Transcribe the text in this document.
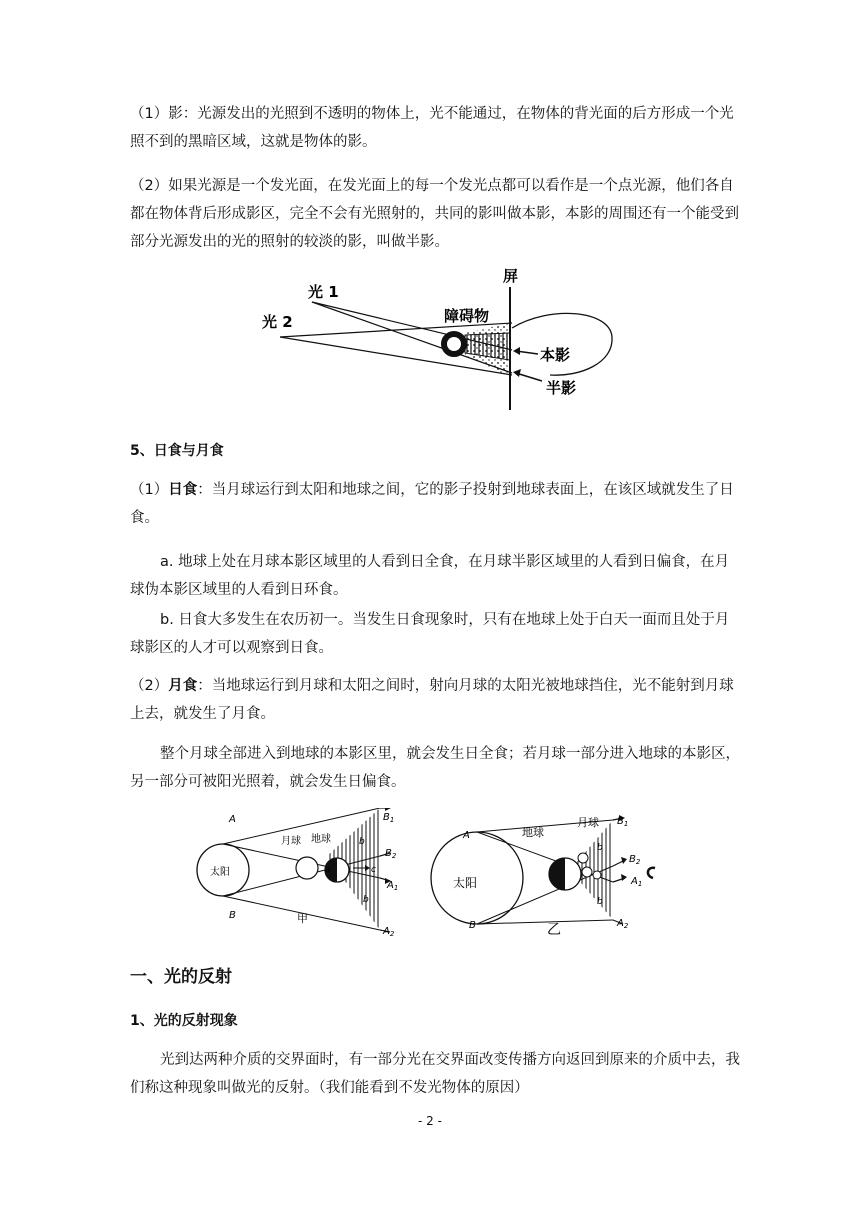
（1）影：光源发出的光照到不透明的物体上，光不能通过，在物体的背光面的后方形成一个光照不到的黑暗区域，这就是物体的影。

（2）如果光源是一个发光面，在发光面上的每一个发光点都可以看作是一个点光源，他们各自都在物体背后形成影区，完全不会有光照射的，共同的影叫做本影，本影的周围还有一个能受到部分光源发出的光的照射的较淡的影，叫做半影。

屏
光 1
光 2	障碍物
本影
半影

5、日食与月食

（1）日食：当月球运行到太阳和地球之间，它的影子投射到地球表面上，在该区域就发生了日食。

a. 地球上处在月球本影区域里的人看到日全食，在月球半影区域里的人看到日偏食，在月球伪本影区域里的人看到日环食。

b. 日食大多发生在农历初一。当发生日食现象时，只有在地球上处于白天一面而且处于月球影区的人才可以观察到日食。

（2）月食：当地球运行到月球和太阳之间时，射向月球的太阳光被地球挡住，光不能射到月球上去，就发生了月食。

整个月球全部进入到地球的本影区里，就会发生日全食；若月球一部分进入地球的本影区，另一部分可被阳光照着，就会发生日偏食。

A
B
太阳
月球 地球
$B_1$
$B_2$
$A_1$
$A_2$
a
b
b
c
甲
A
B
太阳
月球
地球
$B_1$
$B_2$
$A_1$
$A_2$
b
b
乙

一、光的反射

1、光的反射现象

光到达两种介质的交界面时，有一部分光在交界面改变传播方向返回到原来的介质中去，我们称这种现象叫做光的反射。（我们能看到不发光物体的原因）

- 2 -
